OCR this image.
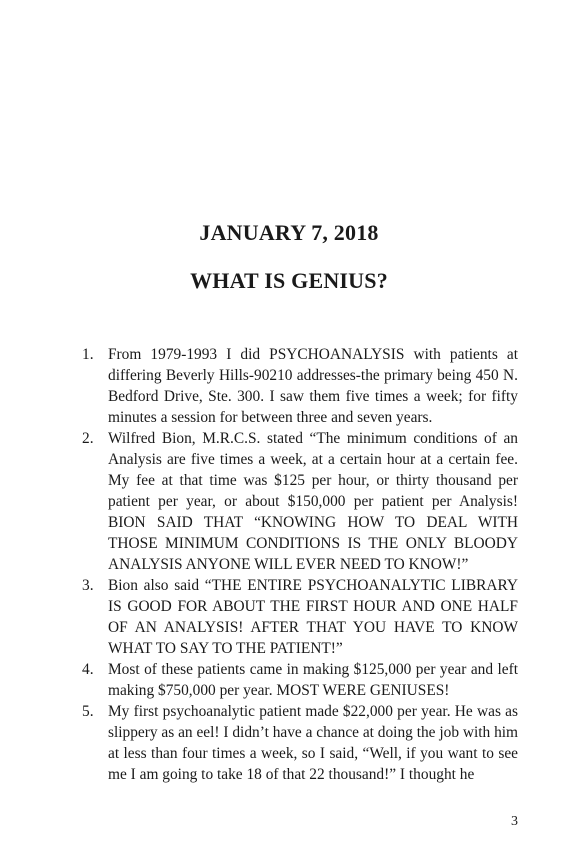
JANUARY 7, 2018
WHAT IS GENIUS?
1. From 1979-1993 I did PSYCHOANALYSIS with patients at differing Beverly Hills-90210 addresses-the primary being 450 N. Bedford Drive, Ste. 300. I saw them five times a week; for fifty minutes a session for between three and seven years.
2. Wilfred Bion, M.R.C.S. stated “The minimum conditions of an Analysis are five times a week, at a certain hour at a certain fee. My fee at that time was $125 per hour, or thirty thousand per patient per year, or about $150,000 per patient per Analysis! BION SAID THAT “KNOWING HOW TO DEAL WITH THOSE MINIMUM CONDITIONS IS THE ONLY BLOODY ANALYSIS ANYONE WILL EVER NEED TO KNOW!”
3. Bion also said “THE ENTIRE PSYCHOANALYTIC LIBRARY IS GOOD FOR ABOUT THE FIRST HOUR AND ONE HALF OF AN ANALYSIS! AFTER THAT YOU HAVE TO KNOW WHAT TO SAY TO THE PATIENT!”
4. Most of these patients came in making $125,000 per year and left making $750,000 per year. MOST WERE GENIUSES!
5. My first psychoanalytic patient made $22,000 per year. He was as slippery as an eel! I didn’t have a chance at doing the job with him at less than four times a week, so I said, “Well, if you want to see me I am going to take 18 of that 22 thousand!” I thought he
3
